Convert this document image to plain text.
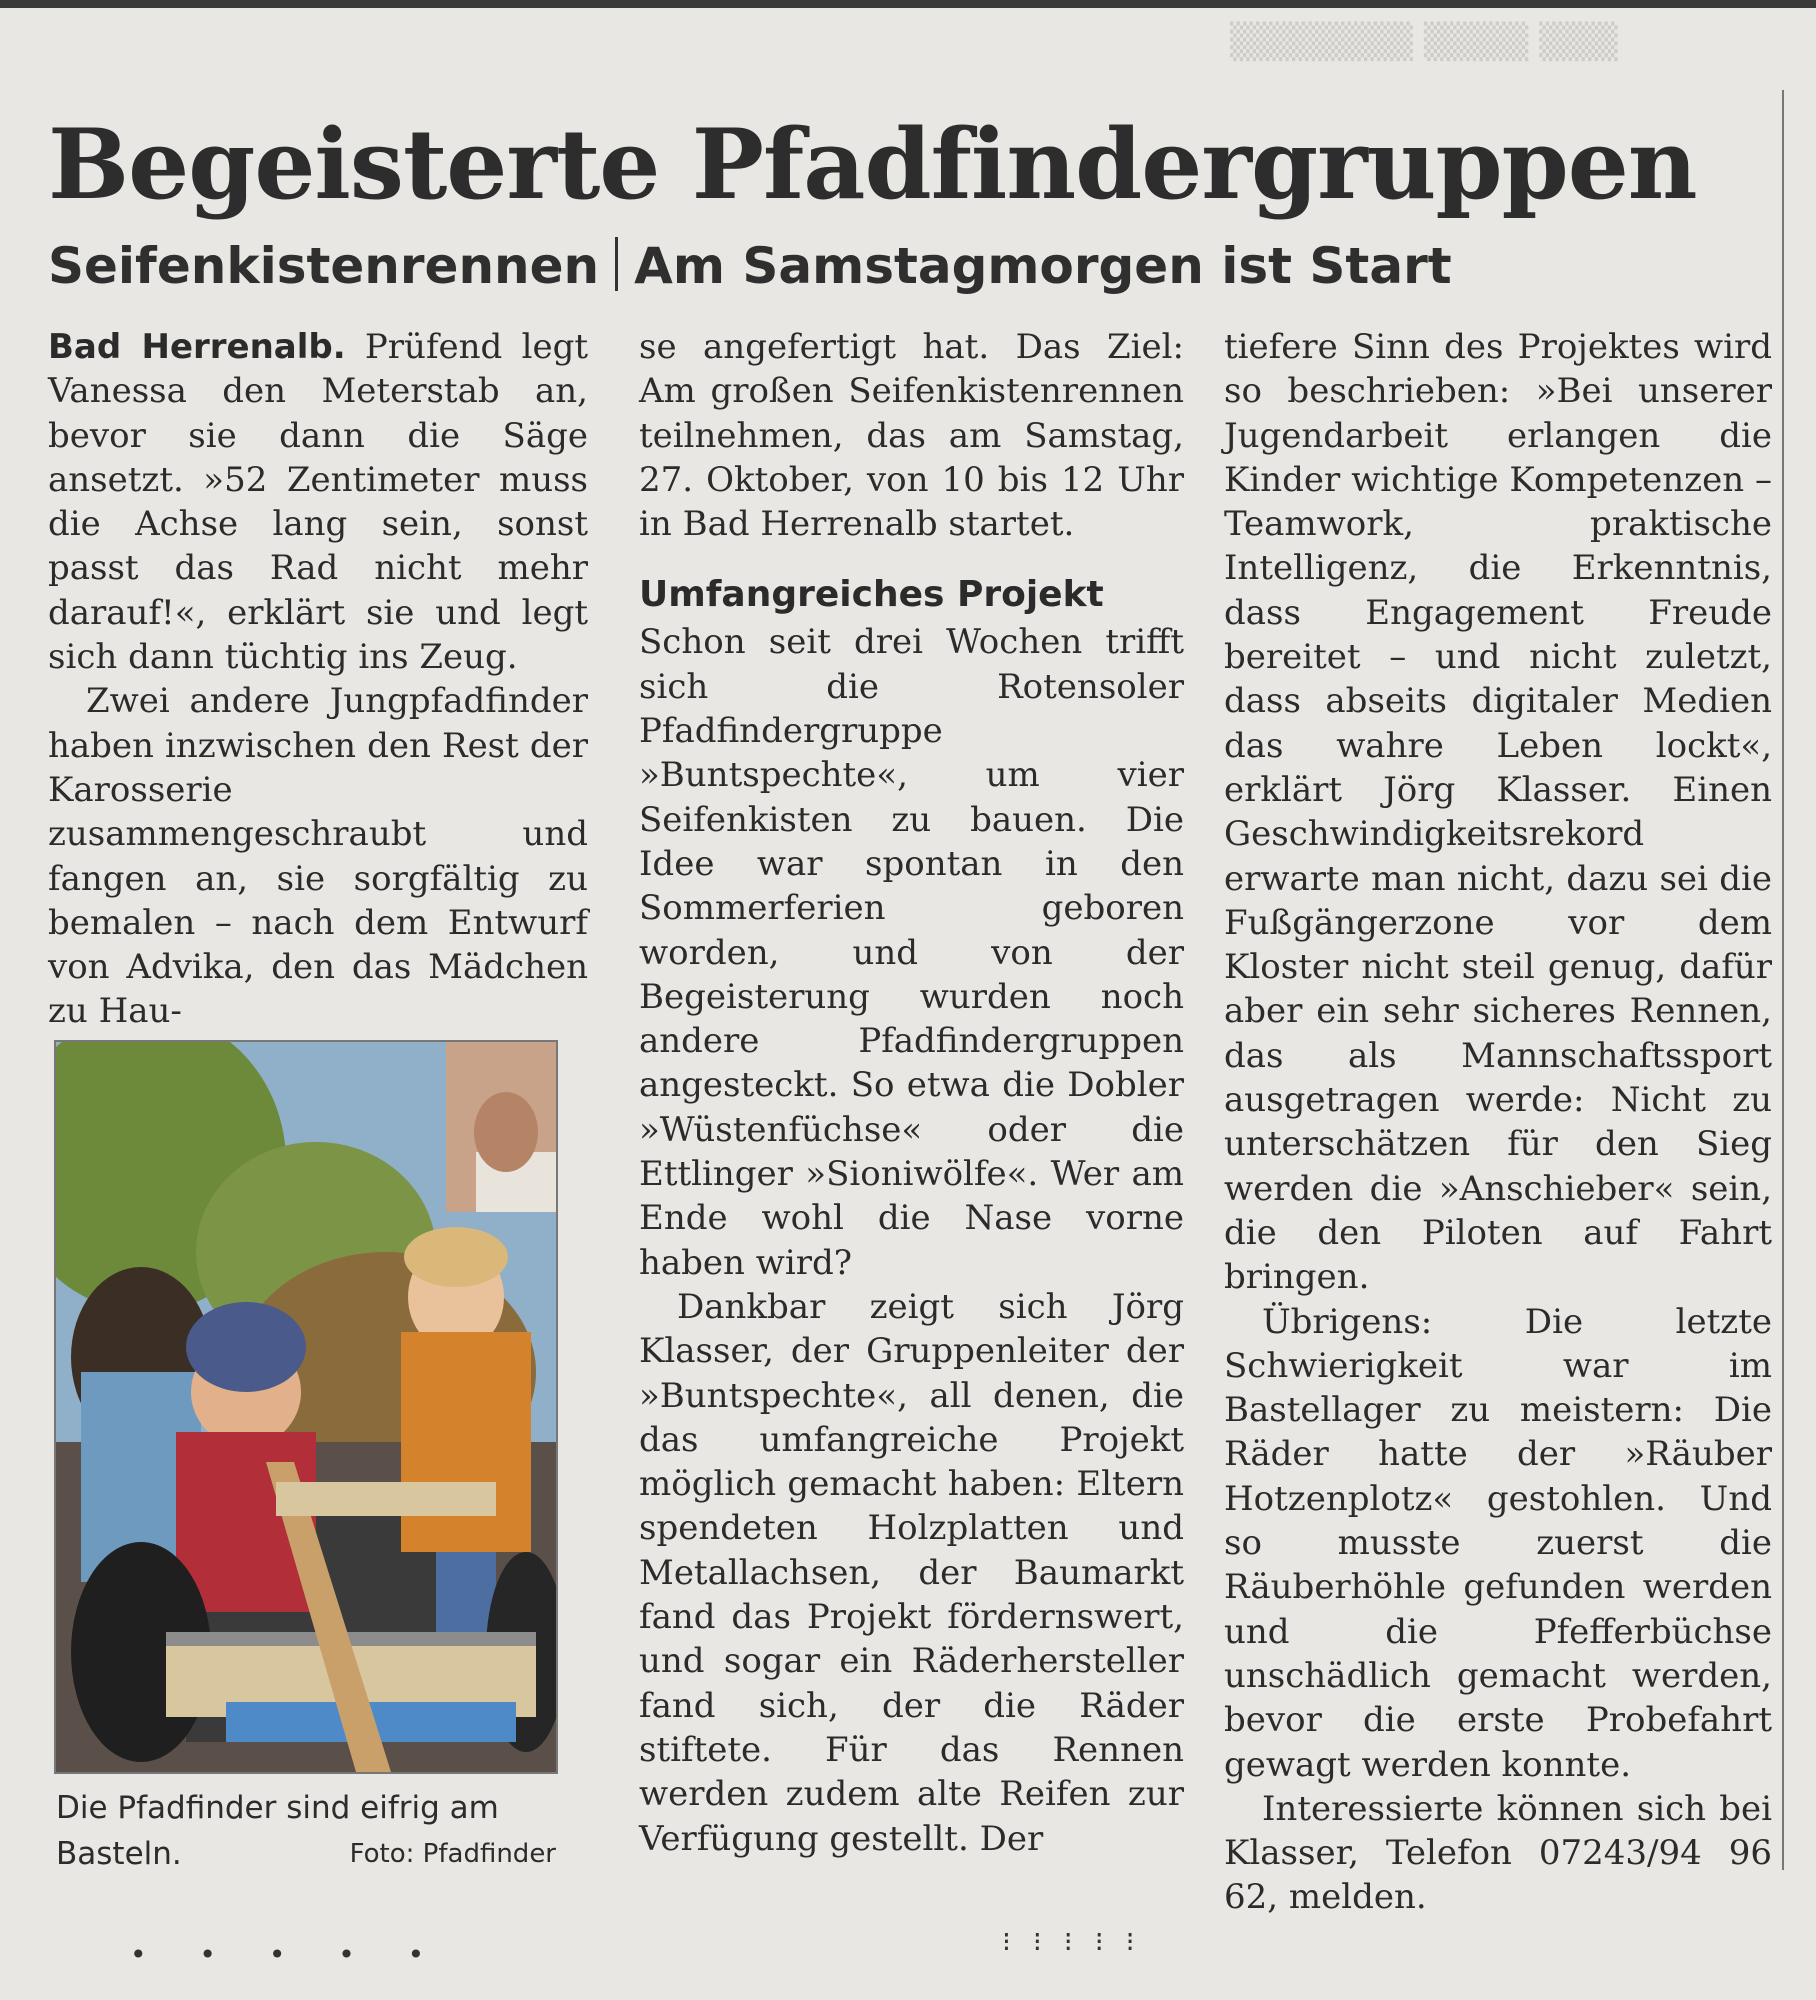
▒▒▒▒▒▒▒ ▒▒▒▒ ▒▒▒
Begeisterte Pfadfindergruppen
Seifenkistenrennen Am Samstagmorgen ist Start

Bad Herrenalb. Prüfend legt Vanessa den Meterstab an, bevor sie dann die Säge ansetzt. »52 Zentimeter muss die Achse lang sein, sonst passt das Rad nicht mehr darauf!«, erklärt sie und legt sich dann tüchtig ins Zeug.

Zwei andere Jungpfadfinder haben inzwischen den Rest der Karosserie zusammengeschraubt und fangen an, sie sorgfältig zu bemalen – nach dem Entwurf von Advika, den das Mädchen zu Hau-

Die Pfadfinder sind eifrig am Basteln.	Foto: Pfadfinder

se angefertigt hat. Das Ziel: Am großen Seifenkistenrennen teilnehmen, das am Samstag, 27. Oktober, von 10 bis 12 Uhr in Bad Herrenalb startet.

Umfangreiches Projekt

Schon seit drei Wochen trifft sich die Rotensoler Pfadfindergruppe »Buntspechte«, um vier Seifenkisten zu bauen. Die Idee war spontan in den Sommerferien geboren worden, und von der Begeisterung wurden noch andere Pfadfindergruppen angesteckt. So etwa die Dobler »Wüstenfüchse« oder die Ettlinger »Sioniwölfe«. Wer am Ende wohl die Nase vorne haben wird?

Dankbar zeigt sich Jörg Klasser, der Gruppenleiter der »Buntspechte«, all denen, die das umfangreiche Projekt möglich gemacht haben: Eltern spendeten Holzplatten und Metallachsen, der Baumarkt fand das Projekt fördernswert, und sogar ein Räderhersteller fand sich, der die Räder stiftete. Für das Rennen werden zudem alte Reifen zur Verfügung gestellt. Der

tiefere Sinn des Projektes wird so beschrieben: »Bei unserer Jugendarbeit erlangen die Kinder wichtige Kompetenzen – Teamwork, praktische Intelligenz, die Erkenntnis, dass Engagement Freude bereitet – und nicht zuletzt, dass abseits digitaler Medien das wahre Leben lockt«, erklärt Jörg Klasser. Einen Geschwindigkeitsrekord erwarte man nicht, dazu sei die Fußgängerzone vor dem Kloster nicht steil genug, dafür aber ein sehr sicheres Rennen, das als Mannschaftssport ausgetragen werde: Nicht zu unterschätzen für den Sieg werden die »Anschieber« sein, die den Piloten auf Fahrt bringen.

Übrigens: Die letzte Schwierigkeit war im Bastellager zu meistern: Die Räder hatte der »Räuber Hotzenplotz« gestohlen. Und so musste zuerst die Räuberhöhle gefunden werden und die Pfefferbüchse unschädlich gemacht werden, bevor die erste Probefahrt gewagt werden konnte.

Interessierte können sich bei Klasser, Telefon 07243/94 96 62, melden.

• • • • •	⁝⁝⁝⁝⁝
